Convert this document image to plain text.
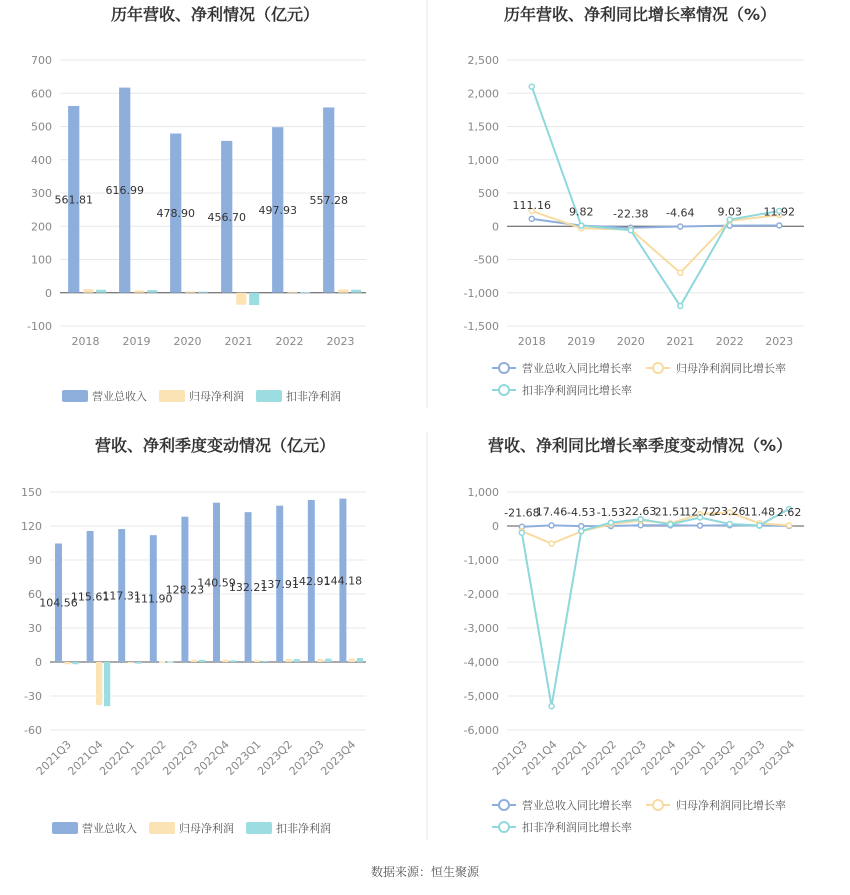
数据来源：恒生聚源
历年营收、净利情况（亿元）
700
600
500
400
300
200
100
0
-100
561.81
616.99
478.90 456.70
497.93
557.28
2018 2019 2020 2021 2022 2023
营业总收入	归母净利润	扣非净利润
历年营收、净利同比增长率情况（%）
2,500
2,000
1,500
1,000
500
0
-500
-1,000
-1,500
111.16
9.82 -22.38 -4.64 9.03 11.92
2018 2019 2020 2021 2022 2023
营业总收入同比增长率	归母净利润同比增长率
扣非净利润同比增长率
营收、净利季度变动情况（亿元）
150
120
90
60
30
0
-30
-60
104.56
115.61
117.31
111.90
128.23
140.59
132.21
137.91
142.91
144.18
2021Q3
2021Q4
2022Q1
2022Q2
2022Q3
2022Q4
2023Q1
2023Q2
2023Q3
2023Q4
营业总收入	归母净利润	扣非净利润
营收、净利同比增长率季度变动情况（%）
1,000
0
-1,000
-2,000
-3,000
-4,000
-5,000
-6,000
-21.68
17.46 -4.53 -1.53 22.63
21.51
12.72
23.26
11.48 2.62
2021Q3
2021Q4
2022Q1
2022Q2
2022Q3
2022Q4
2023Q1
2023Q2
2023Q3
2023Q4
营业总收入同比增长率	归母净利润同比增长率
扣非净利润同比增长率
